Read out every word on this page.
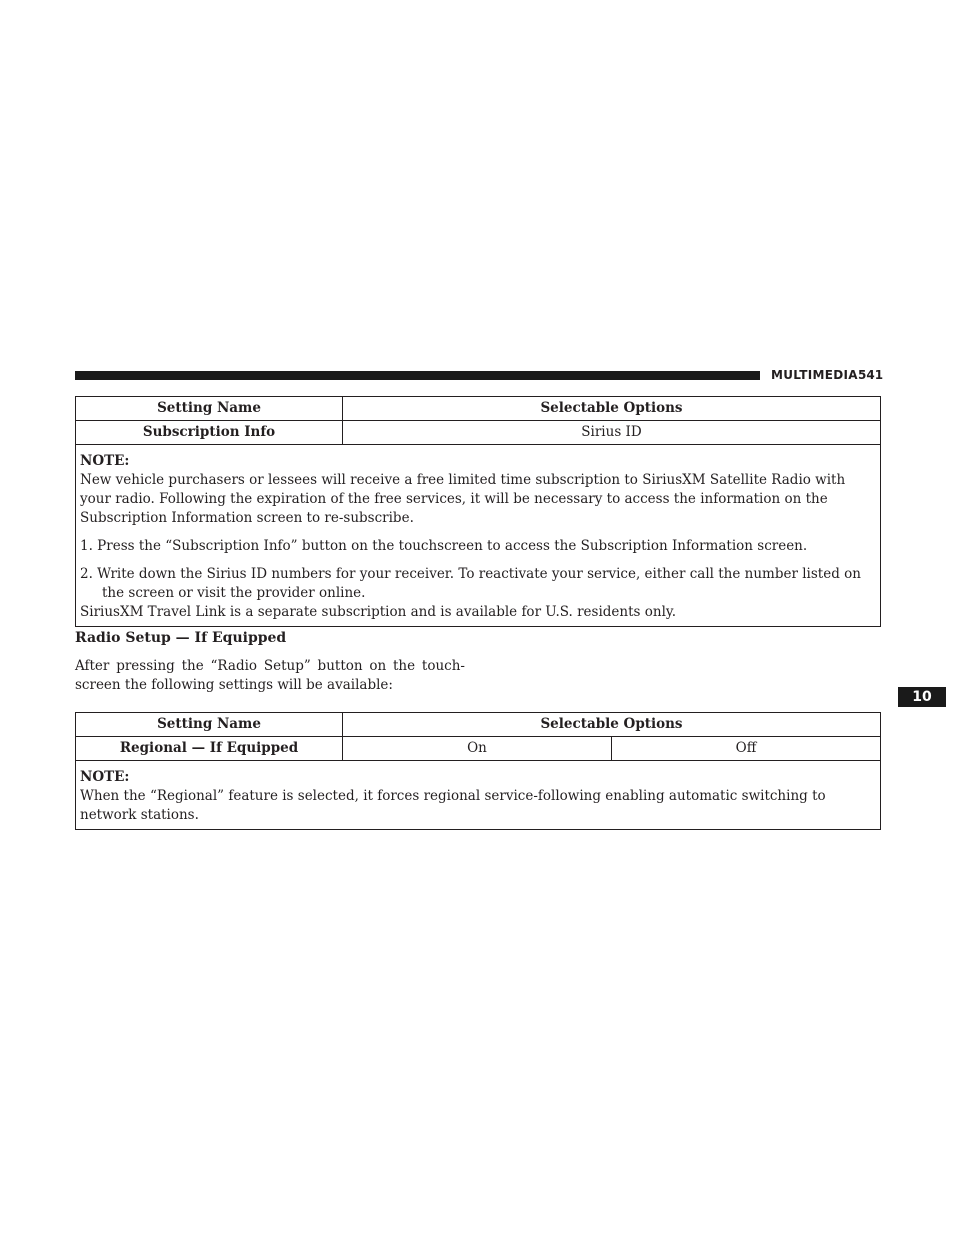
MULTIMEDIA 541
10
Setting Name	Selectable Options
Subscription Info	Sirius ID

NOTE:

New vehicle purchasers or lessees will receive a free limited time subscription to SiriusXM Satellite Radio with your radio. Following the expiration of the free services, it will be necessary to access the information on the Subscription Information screen to re-subscribe.

1. Press the “Subscription Info” button on the touchscreen to access the Subscription Information screen.

2. Write down the Sirius ID numbers for your receiver. To reactivate your service, either call the number listed on the screen or visit the provider online.

SiriusXM Travel Link is a separate subscription and is available for U.S. residents only.	

Radio Setup — If Equipped
After pressing the “Radio Setup” button on the touch-screen the following settings will be available:
Setting Name	Selectable Options	
Regional — If Equipped	On	Off

NOTE:

When the “Regional” feature is selected, it forces regional service-following enabling automatic switching to network stations.		
